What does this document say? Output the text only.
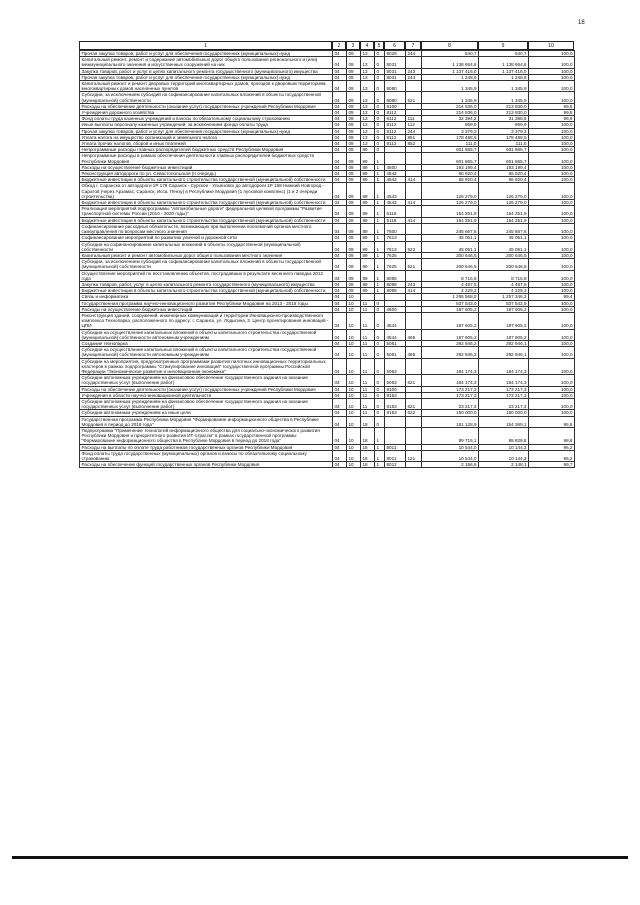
18
1	2	3	4	5	6	7	8	9	10
Прочая закупка товаров, работ и услуг для обеспечения государственных (муниципальных) нужд	04	09	13	0	8029	244	540,7	540,7	100,0
Капитальный ремонт, ремонт и содержание автомобильных дорог общего пользования регионального и (или) межмуниципального значения и искусственных сооружений на них	04	09	13	0	8031		1 138 664,6	1 138 664,6	100,0
Закупка товаров, работ и услуг в целях капитального ремонта государственного (муниципального) имущества	04	09	13	0	8031	243	1 137 416,0	1 137 416,0	100,0
Прочая закупка товаров, работ и услуг для обеспечения государственных (муниципальных) нужд	04	09	13	0	8031	244	1 248,6	1 248,6	100,0
Капитальный ремонт и ремонт дворовых территорий многоквартирных домов, проездов к дворовым территориям многоквартирных домов населенных пунктов	04	09	13	0	8080		1 345,9	1 345,9	100,0
Субсидии, за исключением субсидий на софинансирование капитальных вложений в объекты государственной (муниципальной) собственности	04	09	13	0	8080	521	1 345,9	1 345,9	100,0
Расходы на обеспечение деятельности (оказание услуг) государственных учреждений Республики Мордовия	04	09	13	0	8100		214 936,0	213 930,0	99,5
Учреждения дорожного хозяйства	04	09	13	0	8112		214 936,0	213 930,0	99,5
Фонд оплаты труда казенных учреждений и взносы по обязательному социальному страхованию	04	09	13	0	8112	111	32 394,2	31 388,8	96,9
Иные выплаты персоналу казенных учреждений, за исключением фонда оплаты труда	04	09	13	0	8112	112	959,9	959,9	100,0
Прочая закупка товаров, работ и услуг для обеспечения государственных (муниципальных) нужд	04	09	13	0	8112	244	3 379,3	3 379,3	100,0
Уплата налога на имущество организаций и земельного налога	04	09	13	0	8112	851	178 488,6	178 488,5	100,0
Уплата прочих налогов, сборов и иных платежей	04	09	13	0	8112	852	111,0	111,0	100,0
Непрограммные расходы главных распорядителей бюджетных средств Республики Мордовия	04	09	89	0			601 865,7	601 865,7	100,0
Непрограммные расходы в рамках обеспечения деятельности главных распорядителей бюджетных средств Республики Мордовия	04	09	89	1			601 865,7	601 865,7	100,0
Расходы на осуществление бюджетных инвестиций	04	09	89	1	4500		193 199,4	193 199,4	100,0
Реконструкция автодороги по ул. Севастопольская (II очередь)	04	09	89	1	4542		66 920,4	66 920,4	100,0
Бюджетные инвестиции в объекты капитального строительства государственной (муниципальной) собственности	04	09	89	1	4542	414	66 920,4	66 920,4	100,0
Обход г. Саранска от автодороги 1Р 178 Саранск - Сурское - Ульяновск до автодороги 1Р 158 Нижний Новгород - Саратов (через Арзамас, Саранск, Исса, Пензу) в Республике Мордовия (1 пусковой комплекс) (1 и 2 очереди строительства)	04	09	89	1	4543		126 279,0	126 279,0	100,0
Бюджетные инвестиции в объекты капитального строительства государственной (муниципальной) собственности	04	09	89	1	4543	414	126 279,0	126 279,0	100,0
Реализация мероприятий подпрограммы "Автомобильные дороги" федеральной целевой программы "Развитие транспортной системы России (2010 - 2020 годы)"	04	09	89	1	5118		154 251,9	154 251,9	100,0
Бюджетные инвестиции в объекты капитального строительства государственной (муниципальной) собственности	04	09	89	1	5118	414	154 251,9	154 251,9	100,0
Софинансирование расходных обязательств, возникающих при выполнении полномочий органов местного самоуправления по вопросам местного значения	04	09	89	1	7600		245 667,6	245 667,6	100,0
Софинансирование мероприятий по развитию уличной и дорожной сети	04	09	89	1	7613		45 051,1	45 051,1	100,0
Субсидии на софинансирование капитальных вложений в объекты государственной (муниципальной) собственности	04	09	89	1	7613	522	45 051,1	45 051,1	100,0
Капитальный ремонт и ремонт автомобильных дорог общего пользования местного значения	04	09	89	1	7625		200 646,5	200 646,5	100,0
Субсидии, за исключением субсидий на софинансирование капитальных вложений в объекты государственной (муниципальной) собственности	04	09	89	1	7625	521	200 646,5	200 646,5	100,0
Осуществление мероприятий по восстановлению объектов, пострадавших в результате весеннего паводка 2012 года	04	09	89	1	8098		8 716,8	8 716,8	100,0
Закупка товаров, работ, услуг в целях капитального ремонта государственного (муниципального) имущества	04	09	89	1	8098	243	4 487,5	4 487,5	100,0
Бюджетные инвестиции в объекты капитального строительства государственной (муниципальной) собственности	04	09	89	1	8098	414	4 229,3	4 229,3	100,0
Связь и информатика	04	10					1 265 568,0	1 257 346,3	99,4
Государственная программа научно-инновационного развития Республики Мордовия на 2013 - 2018 годы	04	10	11	0			837 543,0	837 542,9	100,0
Расходы на осуществление бюджетных инвестиций	04	10	11	0	4500		187 605,2	187 605,2	100,0
Реконструкция зданий, сооружений, инженерных коммуникаций и территории Инновационно-производственного комплекса Технопарка, расположенного по адресу: г. Саранск, ул. Лодыгина, 3. Центр проектирования инноваций - ЦПИ	04	10	11	0	4544		187 605,2	187 605,2	100,0
Субсидии на осуществление капитальных вложений в объекты капитального строительства государственной (муниципальной) собственности автономным учреждениям	04	10	11	0	4544	465	187 605,2	187 605,2	100,0
Создание технопарка	04	10	11	0	5061		292 946,2	292 946,1	100,0
Субсидии на осуществление капитальных вложений в объекты капитального строительства государственной (муниципальной) собственности автономным учреждениям	04	10	11	0	5061	465	292 946,2	292 946,1	100,0
Субсидии на мероприятия, предусмотренные программами развития пилотных инновационных территориальных кластеров в рамках подпрограммы "Стимулирование инноваций" государственной программы Российской Федерации "Экономическое развитие и инновационная экономика"	04	10	11	0	5063		184 174,3	184 174,3	100,0
Субсидии автономным учреждениям на финансовое обеспечение государственного задания на оказание государственных услуг (выполнение работ)	04	10	11	0	5063	621	184 174,3	184 174,3	100,0
Расходы на обеспечение деятельности (оказание услуг) государственных учреждений Республики Мордовия	04	10	11	0	8100		173 217,3	173 217,3	100,0
Учреждения в области научно-инновационной деятельности	04	10	11	0	8153		173 217,3	173 217,3	100,0
Субсидии автономным учреждениям на финансовое обеспечение государственного задания на оказание государственных услуг (выполнение работ)	04	10	11	0	8153	621	23 217,3	23 217,3	100,0
Субсидии автономным учреждениям на иные цели	04	10	11	0	8153	622	150 000,0	150 000,0	100,0
Государственная программа Республики Мордовия "Формирование информационного общества в Республике Мордовия в период до 2018 года"	04	10	18	0			161 128,9	154 369,1	95,8
Подпрограмма "Применение технологий информационного общества для социально-экономического развития Республики Мордовия и приоритетного развития ИТ-отрасли" в рамках государственной программы "Формирование информационного общества в Республике Мордовия в период до 2018 года"	04	10	18	1			89 715,1	88 628,8	98,8
Расходы на выплаты по оплате труда работников государственных органов Республики Мордовия	04	10	18	1	8011		10 544,0	10 144,3	96,2
Фонд оплаты труда государственных (муниципальных) органов и взносы по обязательному социальному страхованию	04	10	18	1	8011	121	10 544,0	10 144,3	96,2
Расходы на обеспечение функций государственных органов Республики Мордовия	04	10	18	1	8012		2 156,5	2 148,1	99,7
